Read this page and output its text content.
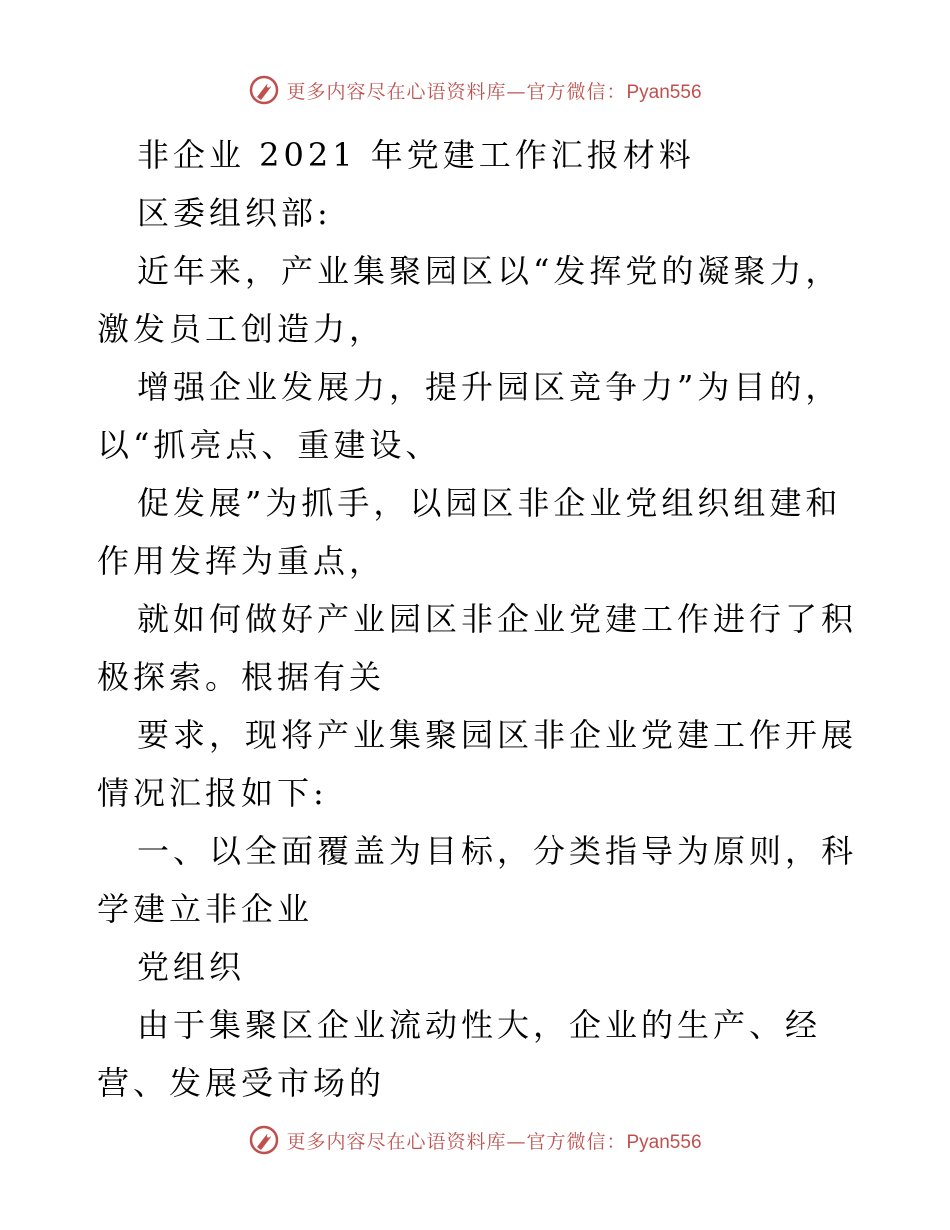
更多内容尽在心语资料库—官方微信：Pyan556

非企业 2021 年党建工作汇报材料

区委组织部:

近年来，产业集聚园区以“发挥党的凝聚力，激发员工创造力，

增强企业发展力，提升园区竞争力”为目的，

以“抓亮点、重建设、

促发展”为抓手，以园区非企业党组织组建和作用发挥为重点，

就如何做好产业园区非企业党建工作进行了积极探索。根据有关

要求，现将产业集聚园区非企业党建工作开展情况汇报如下:

一、以全面覆盖为目标，分类指导为原则，科学建立非企业

党组织

由于集聚区企业流动性大，企业的生产、经营、发展受市场的

更多内容尽在心语资料库—官方微信：Pyan556
